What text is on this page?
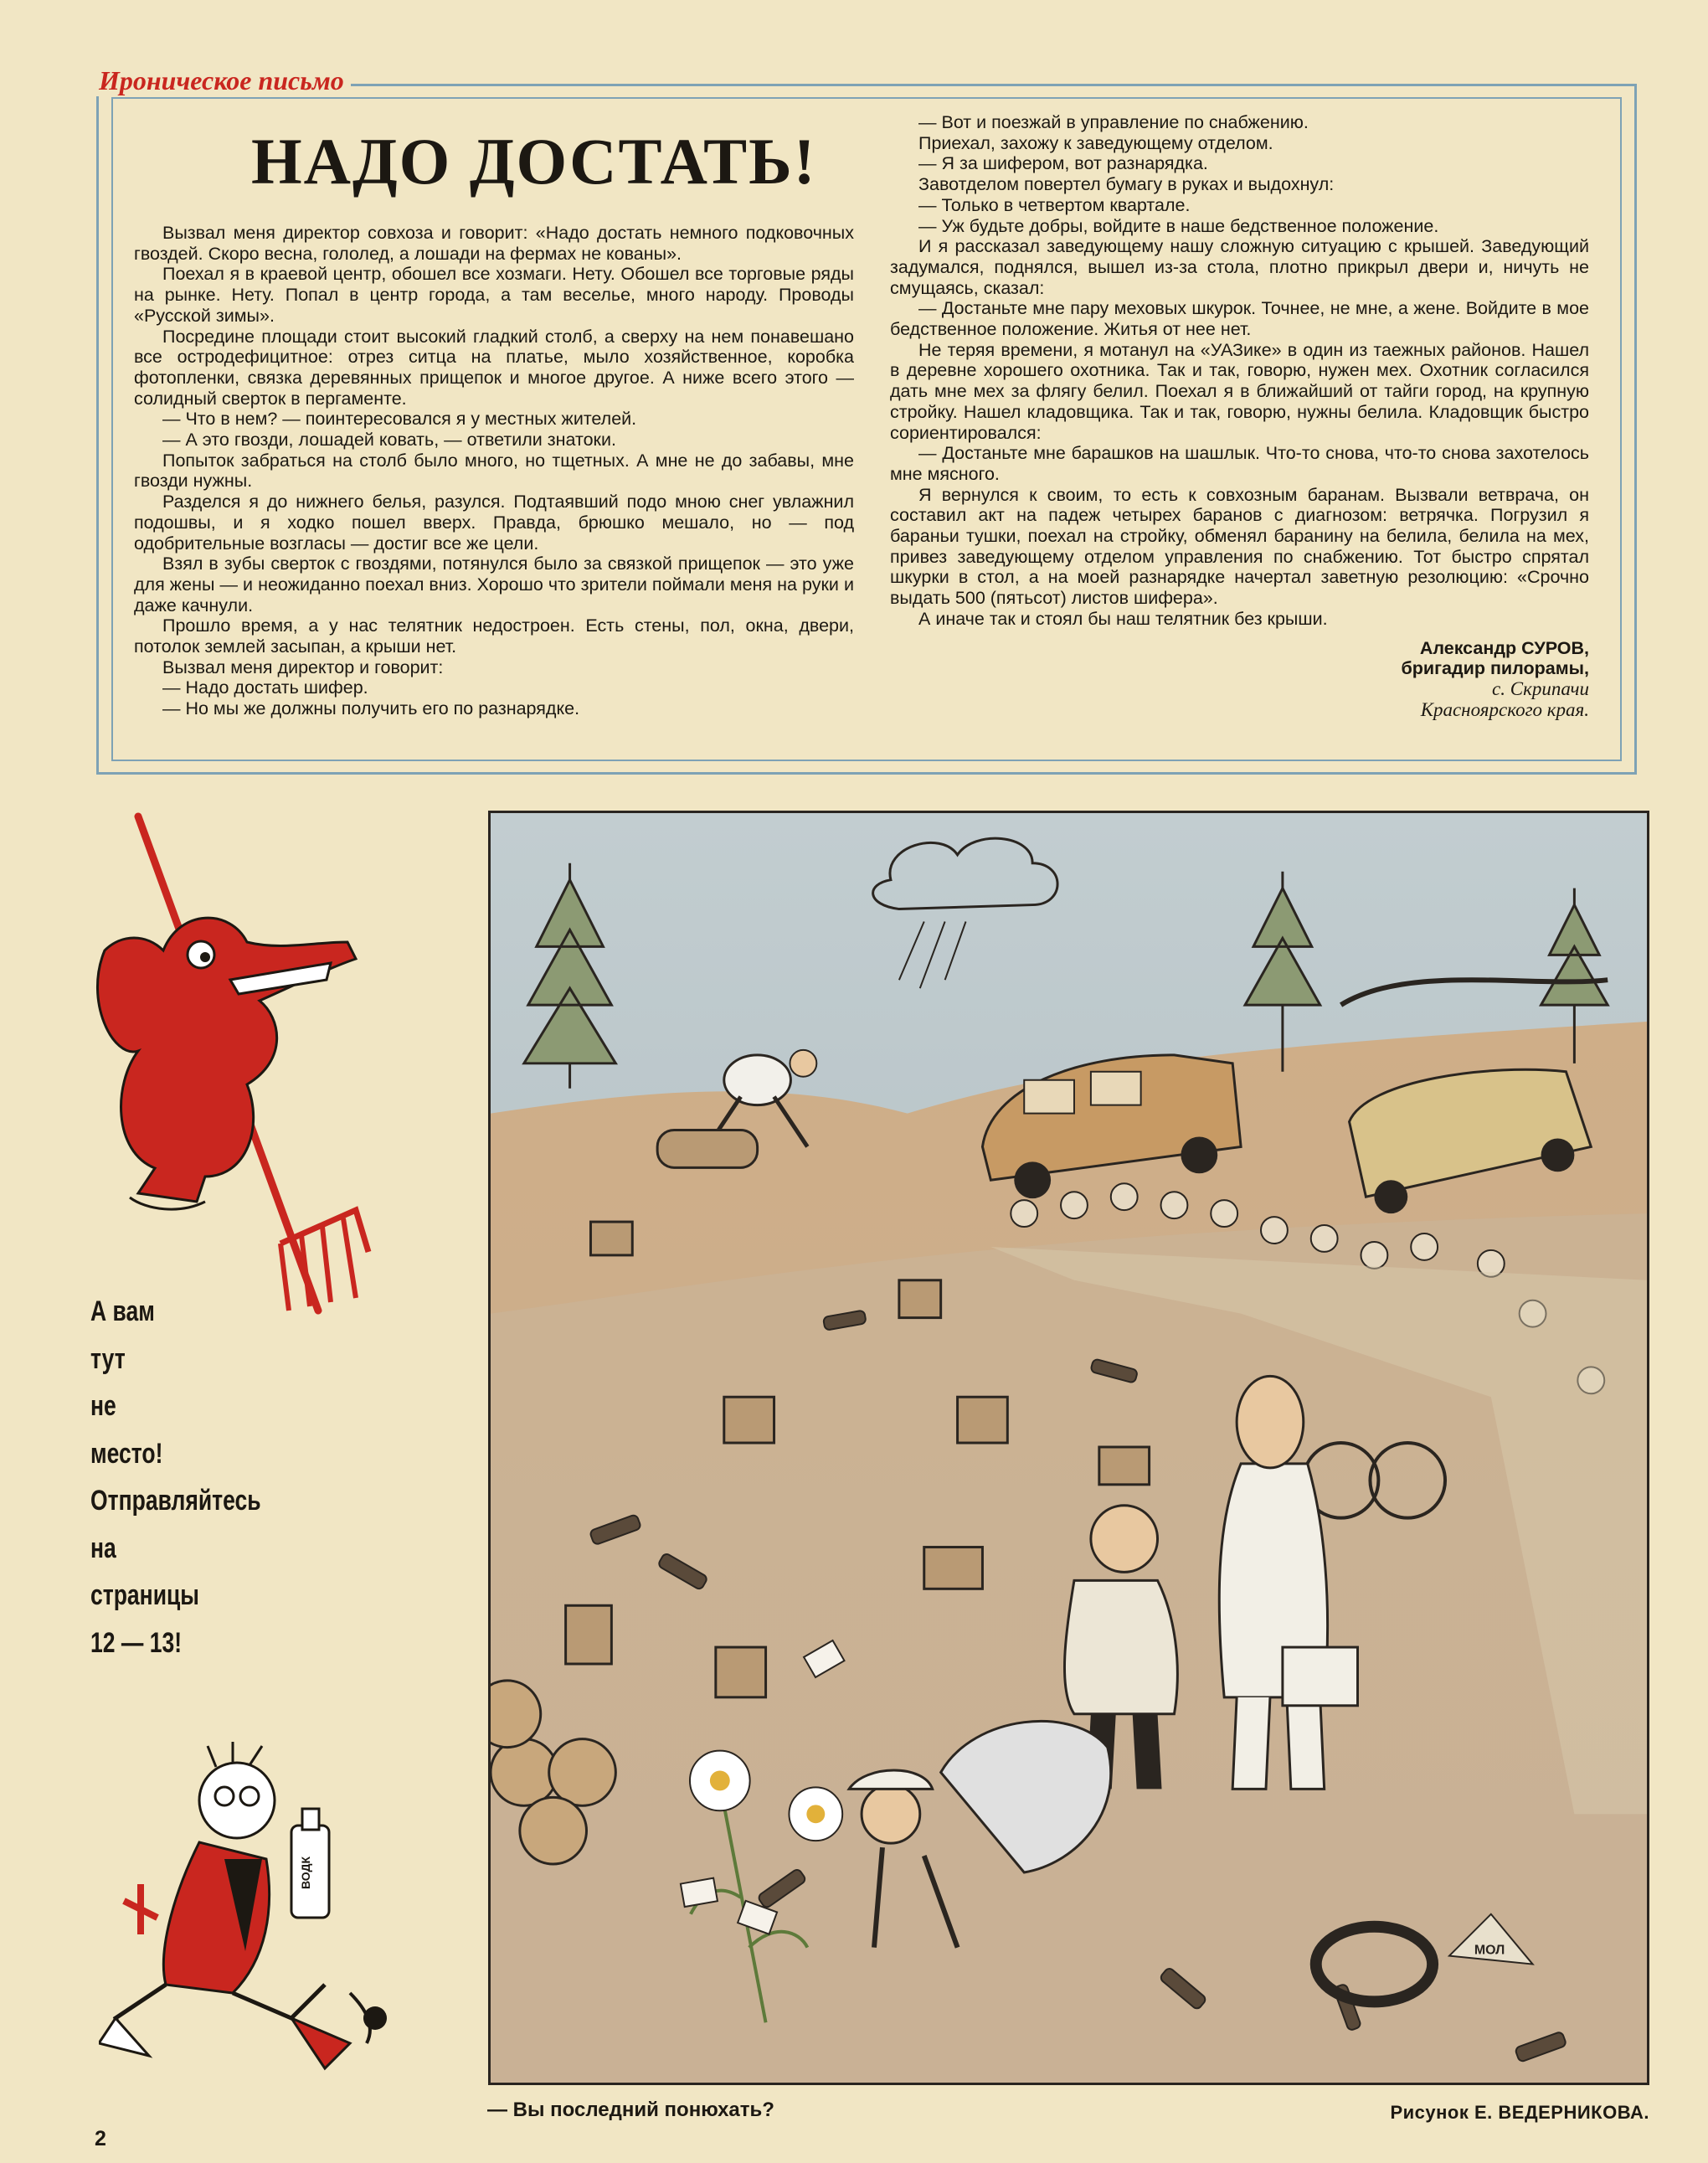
Ироническое письмо
НАДО ДОСТАТЬ!

Вызвал меня директор совхоза и говорит: «Надо достать немного подковочных гвоздей. Скоро весна, гололед, а лошади на фермах не кованы».

Поехал я в краевой центр, обошел все хозмаги. Нету. Обошел все торговые ряды на рынке. Нету. Попал в центр города, а там веселье, много народу. Проводы «Русской зимы».

Посредине площади стоит высокий гладкий столб, а сверху на нем понавешано все остродефицитное: отрез ситца на платье, мыло хозяйственное, коробка фотопленки, связка деревянных прищепок и многое другое. А ниже всего этого — солидный сверток в пергаменте.

— Что в нем? — поинтересовался я у местных жителей.

— А это гвозди, лошадей ковать, — ответили знатоки.

Попыток забраться на столб было много, но тщетных. А мне не до забавы, мне гвозди нужны.

Разделся я до нижнего белья, разулся. Подтаявший подо мною снег увлажнил подошвы, и я ходко пошел вверх. Правда, брюшко мешало, но — под одобрительные возгласы — достиг все же цели.

Взял в зубы сверток с гвоздями, потянулся было за связкой прищепок — это уже для жены — и неожиданно поехал вниз. Хорошо что зрители поймали меня на руки и даже качнули.

Прошло время, а у нас телятник недостроен. Есть стены, пол, окна, двери, потолок землей засыпан, а крыши нет.

Вызвал меня директор и говорит:

— Надо достать шифер.

— Но мы же должны получить его по разнарядке.

— Вот и поезжай в управление по снабжению.

Приехал, захожу к заведующему отделом.

— Я за шифером, вот разнарядка.

Завотделом повертел бумагу в руках и выдохнул:

— Только в четвертом квартале.

— Уж будьте добры, войдите в наше бедственное положение.

И я рассказал заведующему нашу сложную ситуацию с крышей. Заведующий задумался, поднялся, вышел из-за стола, плотно прикрыл двери и, ничуть не смущаясь, сказал:

— Достаньте мне пару меховых шкурок. Точнее, не мне, а жене. Войдите в мое бедственное положение. Житья от нее нет.

Не теряя времени, я мотанул на «УАЗике» в один из таежных районов. Нашел в деревне хорошего охотника. Так и так, говорю, нужен мех. Охотник согласился дать мне мех за флягу белил. Поехал я в ближайший от тайги город, на крупную стройку. Нашел кладовщика. Так и так, говорю, нужны белила. Кладовщик быстро сориентировался:

— Достаньте мне барашков на шашлык. Что-то снова, что-то снова захотелось мне мясного.

Я вернулся к своим, то есть к совхозным баранам. Вызвали ветврача, он составил акт на падеж четырех баранов с диагнозом: ветрячка. Погрузил я бараньи тушки, поехал на стройку, обменял баранину на белила, белила на мех, привез заведующему отделом управления по снабжению. Тот быстро спрятал шкурки в стол, а на моей разнарядке начертал заветную резолюцию: «Срочно выдать 500 (пятьсот) листов шифера».

А иначе так и стоял бы наш телятник без крыши.

Александр СУРОВ,
бригадир пилорамы,
с. Скрипачи
Красноярского края.
А вам
тут
не
место!
Отправляйтесь
на
страницы
12 — 13!
ВОДК
МОЛ
— Вы последний понюхать?	Рисунок Е. ВЕДЕРНИКОВА.
2
